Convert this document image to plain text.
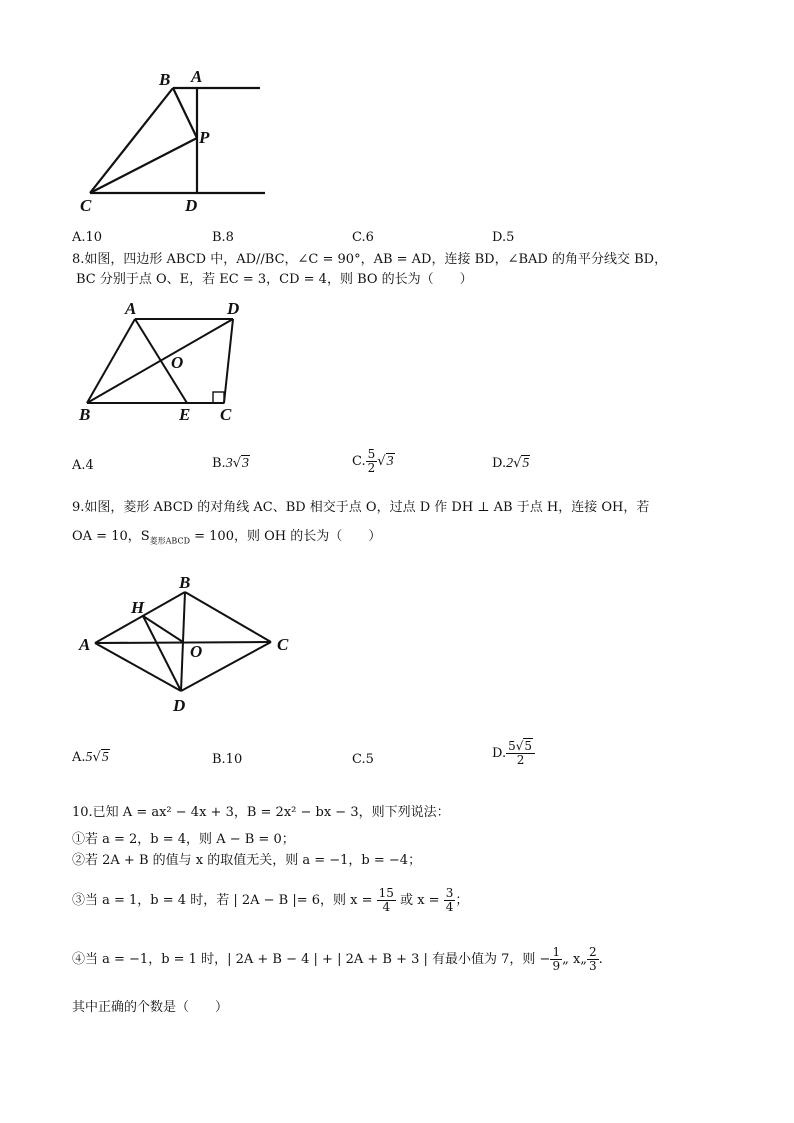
B A
P
C	D
A.10	B.8	C.6	D.5
8.如图，四边形 ABCD 中，AD//BC，∠C = 90°，AB = AD，连接 BD，∠BAD 的角平分线交 BD，
BC 分别于点 O、E，若 EC = 3，CD = 4，则 BO 的长为（　　）
A	D
O
B	E C
A.4	B.3√3	C. $\frac{5}{2} √3$	D.2√5
9.如图，菱形 ABCD 的对角线 AC、BD 相交于点 O，过点 D 作 DH ⊥ AB 于点 H，连接 OH，若
OA = 10，$S_{菱形ABCD} = 100$，则 OH 的长为（　　）
B
H
A	O	C
D
A.5√5	B.10	C.5	D. $\frac{5√5}{2}$
10.已知 A = ax² − 4x + 3，B = 2x² − bx − 3，则下列说法：
①若 a = 2，b = 4，则 A − B = 0；
②若 2A + B 的值与 x 的取值无关，则 a = −1，b = −4；
③当 a = 1，b = 4 时，若 | 2A − B |= 6，则 $x = \frac{15}{4}$ 或 $x = \frac{3}{4}$ ；
④当 a = −1，b = 1 时，| 2A + B − 4 | + | 2A + B + 3 | 有最小值为 7，则 − $\frac{1}{9}$ „ x„ $\frac{2}{3}$ .
其中正确的个数是（　　）
